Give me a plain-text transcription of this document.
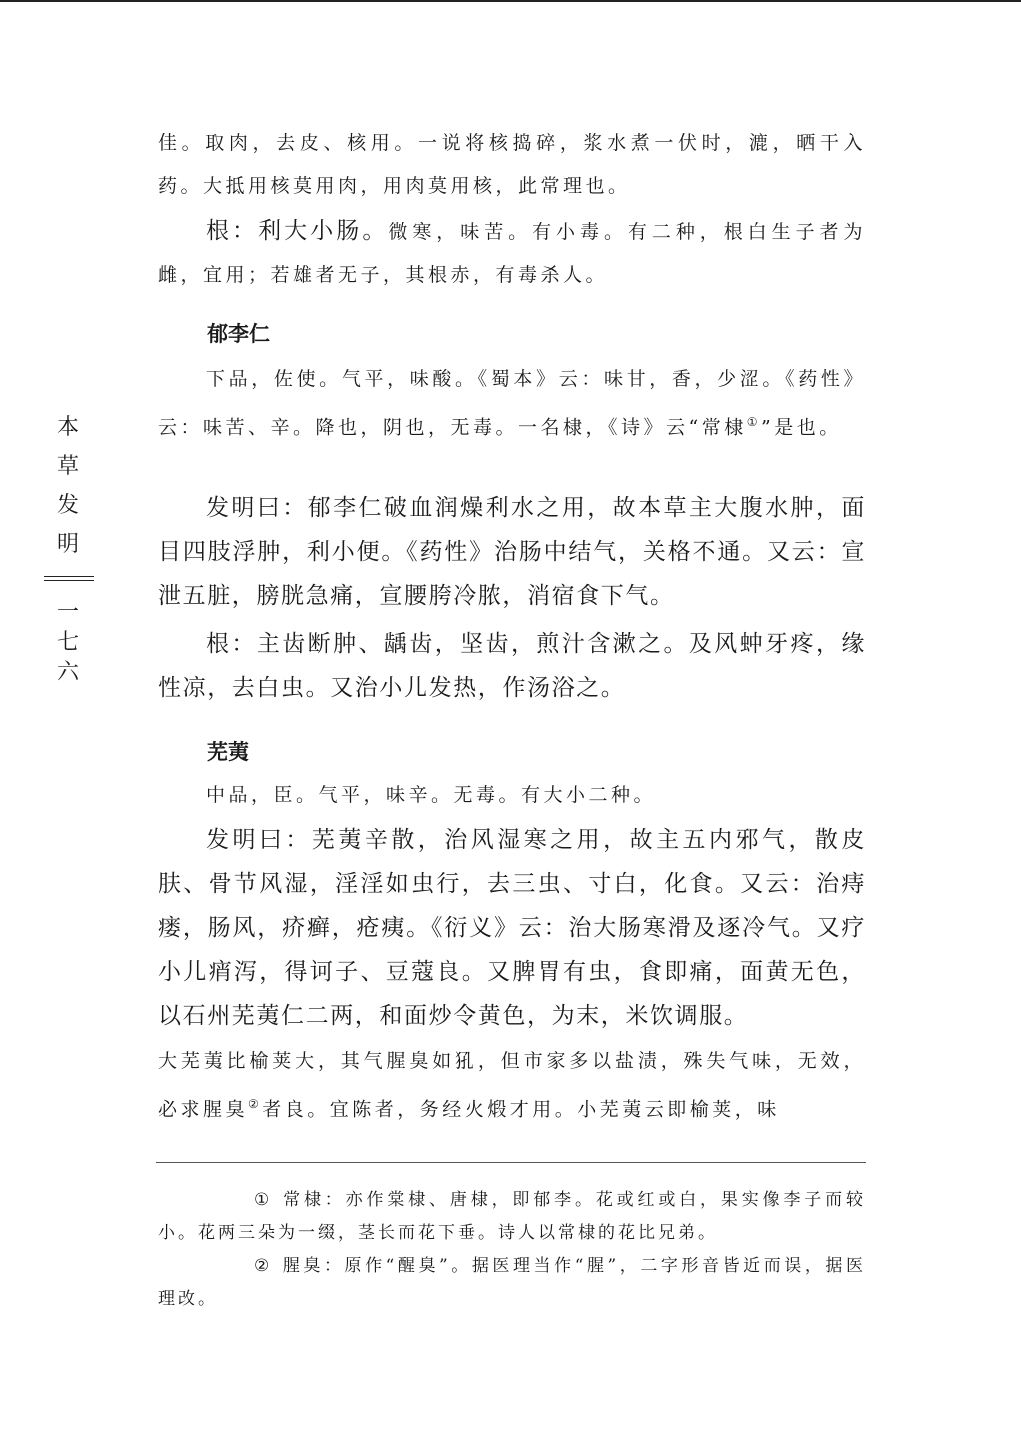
本
草
发
明
一
七
六

佳。取肉，去皮、核用。一说将核捣碎，浆水煮一伏时，漉，晒干入药。大抵用核莫用肉，用肉莫用核，此常理也。

根：利大小肠。微寒，味苦。有小毒。有二种，根白生子者为雌，宜用；若雄者无子，其根赤，有毒杀人。

郁李仁

下品，佐使。气平，味酸。《蜀本》云：味甘，香，少涩。《药性》云：味苦、辛。降也，阴也，无毒。一名棣，《诗》云“常棣①”是也。

发明曰：郁李仁破血润燥利水之用，故本草主大腹水肿，面目四肢浮肿，利小便。《药性》治肠中结气，关格不通。又云：宣泄五脏，膀胱急痛，宣腰胯冷脓，消宿食下气。

根：主齿断肿、龋齿，坚齿，煎汁含漱之。及风蚛牙疼，缘性凉，去白虫。又治小儿发热，作汤浴之。

芜荑

中品，臣。气平，味辛。无毒。有大小二种。

发明曰：芜荑辛散，治风湿寒之用，故主五内邪气，散皮肤、骨节风湿，淫淫如虫行，去三虫、寸白，化食。又云：治痔瘘，肠风，疥癣，疮痍。《衍义》云：治大肠寒滑及逐冷气。又疗小儿痟泻，得诃子、豆蔻良。又脾胃有虫，食即痛，面黄无色，以石州芜荑仁二两，和面炒令黄色，为末，米饮调服。

大芜荑比榆荚大，其气腥臭如犼，但市家多以盐渍，殊失气味，无效，必求腥臭②者良。宜陈者，务经火煅才用。小芜荑云即榆荚，味

① 常棣：亦作棠棣、唐棣，即郁李。花或红或白，果实像李子而较小。花两三朵为一缀，茎长而花下垂。诗人以常棣的花比兄弟。

② 腥臭：原作“醒臭”。据医理当作“腥”，二字形音皆近而误，据医理改。
